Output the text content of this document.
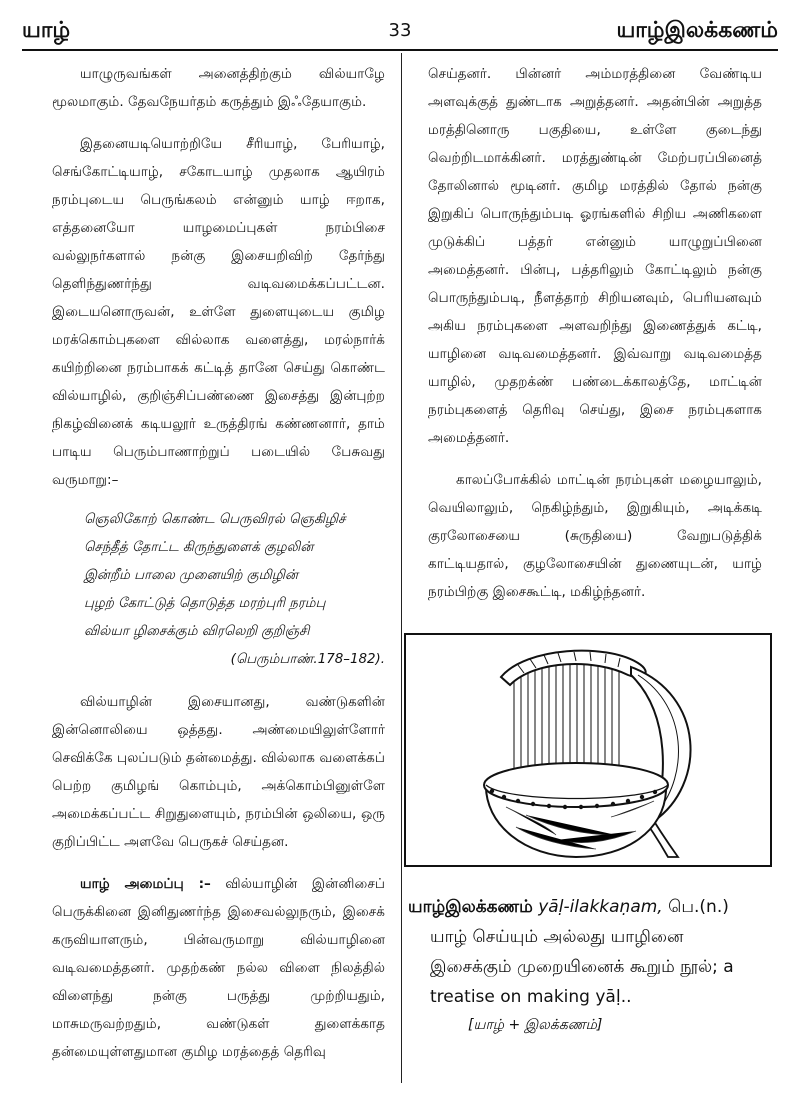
யாழ்	33	யாழ்இலக்கணம்

யாழுருவங்கள் அனைத்திற்கும் வில்யாழே மூலமாகும். தேவநேயர்தம் கருத்தும் இஃதேயாகும்.

இதனையடியொற்றியே சீரியாழ், பேரியாழ், செங்கோட்டியாழ், சகோடயாழ் முதலாக ஆயிரம் நரம்புடைய பெருங்கலம் என்னும் யாழ் ஈறாக, எத்தனையோ யாழமைப்புகள் நரம்பிசை வல்லுநர்களால் நன்கு இசையறிவிற் தேர்ந்து தெளிந்துணர்ந்து வடிவமைக்கப்பட்டன. இடையனொருவன், உள்ளே துளையுடைய குமிழ மரக்கொம்புகளை வில்லாக வளைத்து, மரல்நார்க் கயிற்றினை நரம்பாகக் கட்டித் தானே செய்து கொண்ட வில்யாழில், குறிஞ்சிப்பண்ணை இசைத்து இன்புற்ற நிகழ்வினைக் கடியலூர் உருத்திரங் கண்ணனார், தாம் பாடிய பெரும்பாணாற்றுப் படையில் பேசுவது வருமாறு:–

ஞெலிகோற் கொண்ட பெருவிரல் ஞெகிழிச்
செந்தீத் தோட்ட கிருந்துளைக் குழலின்
இன்றீம் பாலை முனையிற் குமிழின்
புழற் கோட்டுத் தொடுத்த மரற்புரி நரம்பு
வில்யா ழிசைக்கும் விரலெறி குறிஞ்சி
(பெரும்பாண்.178–182).

வில்யாழின் இசையானது, வண்டுகளின் இன்னொலியை ஒத்தது. அண்மையிலுள்ளோர் செவிக்கே புலப்படும் தன்மைத்து. வில்லாக வளைக்கப் பெற்ற குமிழங் கொம்பும், அக்கொம்பினுள்ளே அமைக்கப்பட்ட சிறுதுளையும், நரம்பின் ஒலியை, ஒரு குறிப்பிட்ட அளவே பெருகச் செய்தன.

யாழ் அமைப்பு :– வில்யாழின் இன்னிசைப் பெருக்கினை இனிதுணர்ந்த இசைவல்லுநரும், இசைக் கருவியாளரும், பின்வருமாறு வில்யாழினை வடிவமைத்தனர். முதற்கண் நல்ல விளை நிலத்தில் விளைந்து நன்கு பருத்து முற்றியதும், மாசுமருவற்றதும், வண்டுகள் துளைக்காத தன்மையுள்ளதுமான குமிழ மரத்தைத் தெரிவு

செய்தனர். பின்னர் அம்மரத்தினை வேண்டிய அளவுக்குத் துண்டாக அறுத்தனர். அதன்பின் அறுத்த மரத்தினொரு பகுதியை, உள்ளே குடைந்து வெற்றிடமாக்கினர். மரத்துண்டின் மேற்பரப்பினைத் தோலினால் மூடினர். குமிழ மரத்தில் தோல் நன்கு இறுகிப் பொருந்தும்படி ஓரங்களில் சிறிய அணிகளை முடுக்கிப் பத்தர் என்னும் யாழுறுப்பினை அமைத்தனர். பின்பு, பத்தரிலும் கோட்டிலும் நன்கு பொருந்தும்படி, நீளத்தாற் சிறியனவும், பெரியனவும் அகிய நரம்புகளை அளவறிந்து இணைத்துக் கட்டி, யாழினை வடிவமைத்தனர். இவ்வாறு வடிவமைத்த யாழில், முதறக்ண் பண்டைக்காலத்தே, மாட்டின் நரம்புகளைத் தெரிவு செய்து, இசை நரம்புகளாக அமைத்தனர்.

காலப்போக்கில் மாட்டின் நரம்புகள் மழையாலும், வெயிலாலும், நெகிழ்ந்தும், இறுகியும், அடிக்கடி குரலோசையை (சுருதியை) வேறுபடுத்திக் காட்டியதால், குழலோசையின் துணையுடன், யாழ் நரம்பிற்கு இசைகூட்டி, மகிழ்ந்தனர்.

யாழ்இலக்கணம் yāḷ-ilakkaṇam, பெ.(n.)
யாழ் செய்யும் அல்லது யாழினை இசைக்கும் முறையினைக் கூறும் நூல்; a treatise on making yāḷ..
[யாழ் + இலக்கணம்]
